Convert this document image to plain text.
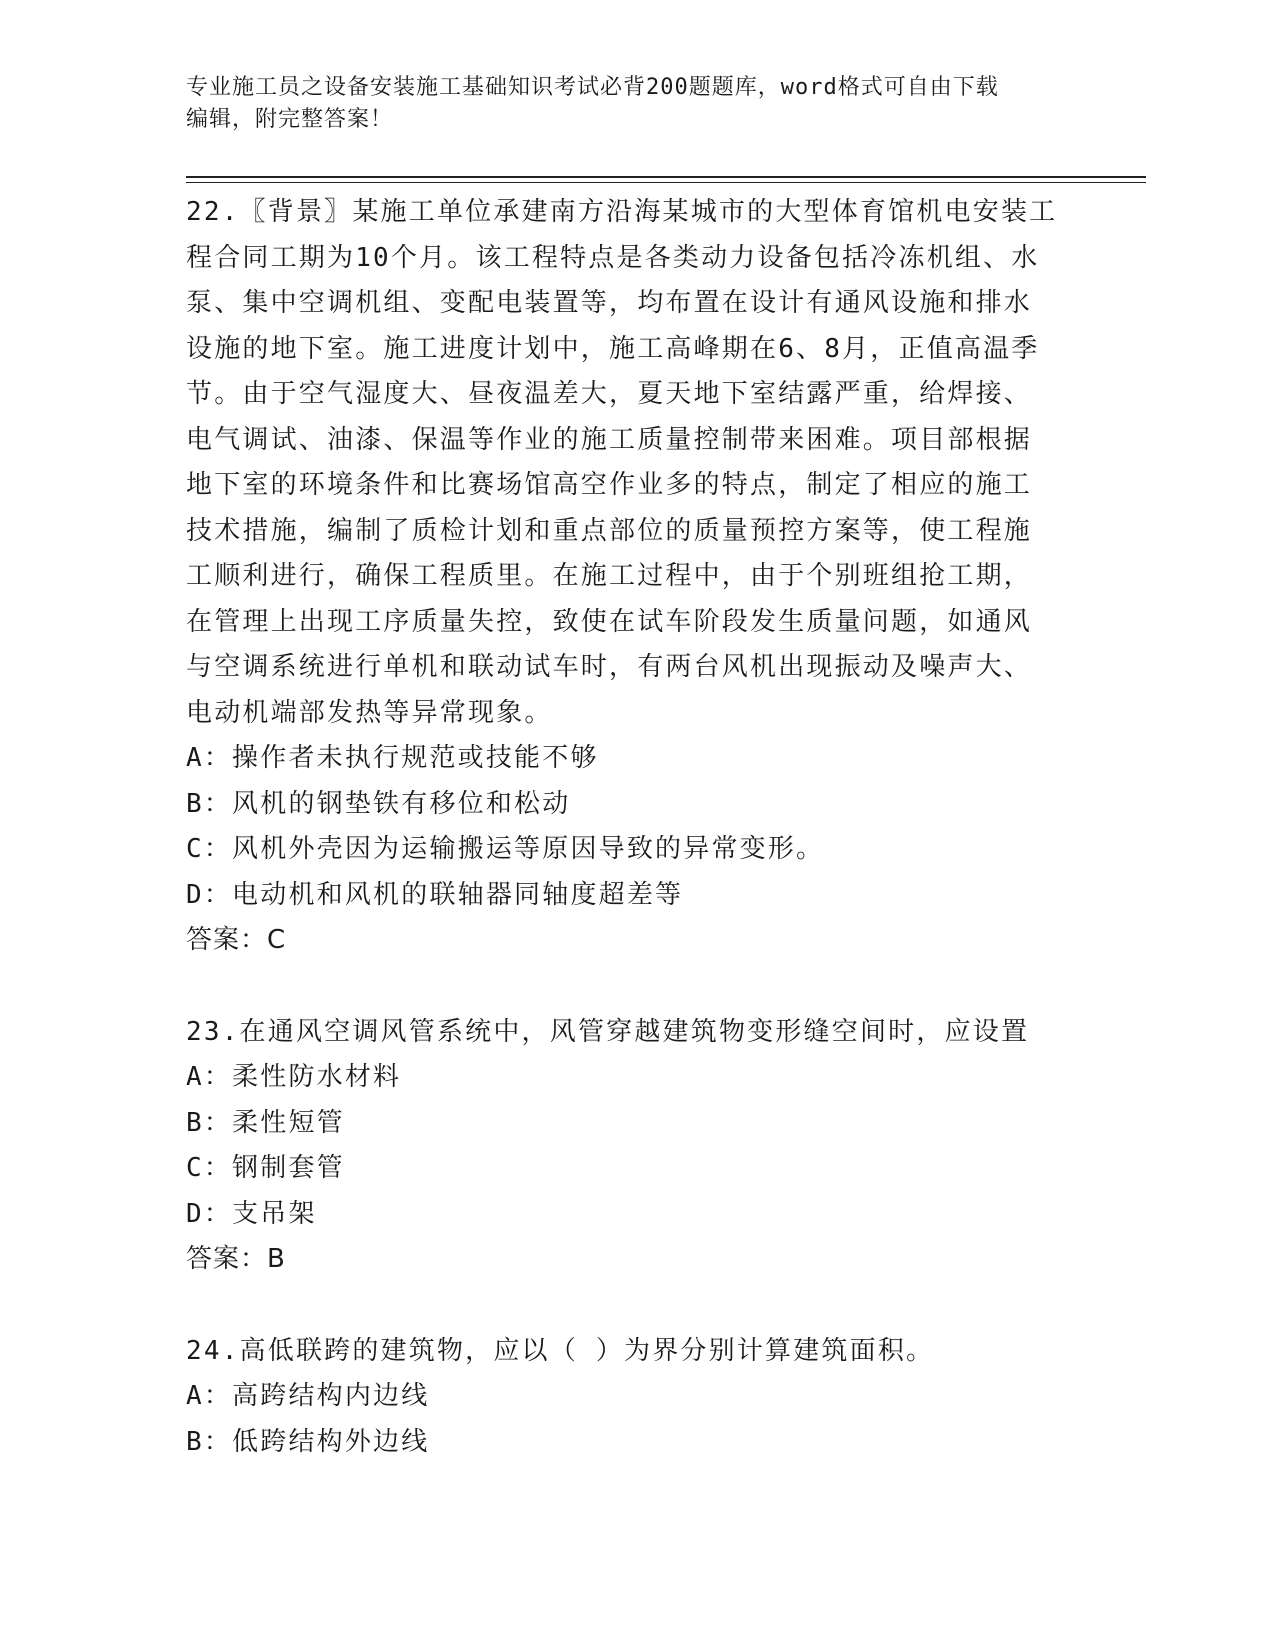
专业施工员之设备安装施工基础知识考试必背200题题库，word格式可自由下载
编辑，附完整答案！
22.〖背景〗某施工单位承建南方沿海某城市的大型体育馆机电安装工
程合同工期为10个月。该工程特点是各类动力设备包括冷冻机组、水
泵、集中空调机组、变配电装置等，均布置在设计有通风设施和排水
设施的地下室。施工进度计划中，施工高峰期在6、8月，正值高温季
节。由于空气湿度大、昼夜温差大，夏天地下室结露严重，给焊接、
电气调试、油漆、保温等作业的施工质量控制带来困难。项目部根据
地下室的环境条件和比赛场馆高空作业多的特点，制定了相应的施工
技术措施，编制了质检计划和重点部位的质量预控方案等，使工程施
工顺利进行，确保工程质里。在施工过程中，由于个别班组抢工期，
在管理上出现工序质量失控，致使在试车阶段发生质量问题，如通风
与空调系统进行单机和联动试车时，有两台风机出现振动及噪声大、
电动机端部发热等异常现象。
A：操作者未执行规范或技能不够
B：风机的钢垫铁有移位和松动
C：风机外壳因为运输搬运等原因导致的异常变形。
D：电动机和风机的联轴器同轴度超差等
答案：C
23.在通风空调风管系统中，风管穿越建筑物变形缝空间时，应设置
A：柔性防水材料
B：柔性短管
C：钢制套管
D：支吊架
答案：B
24.高低联跨的建筑物，应以（ ）为界分别计算建筑面积。
A：高跨结构内边线
B：低跨结构外边线
